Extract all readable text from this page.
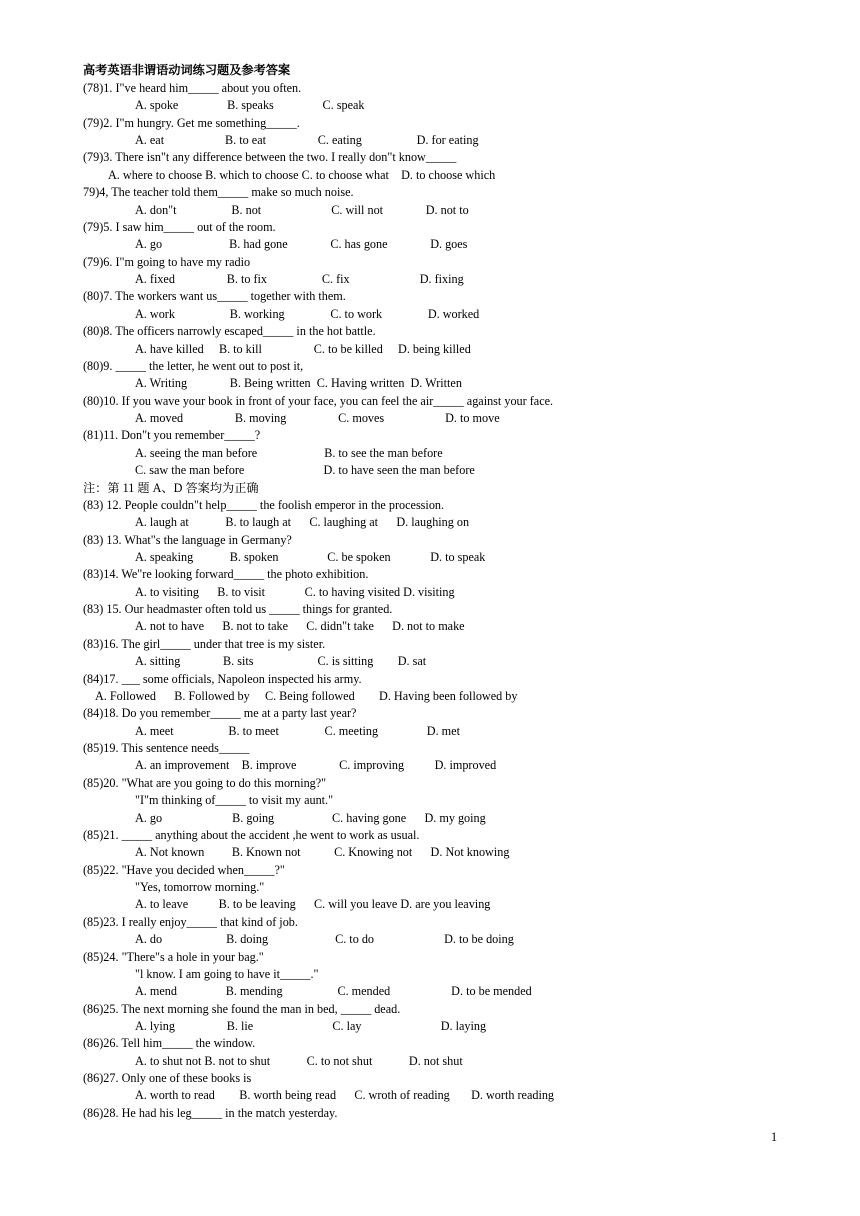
高考英语非谓语动词练习题及参考答案
(78)1. I"ve heard him_____ about you often.
A. spoke                B. speaks                C. speak
(79)2. I"m hungry. Get me something_____.
A. eat                    B. to eat                 C. eating                  D. for eating
(79)3. There isn"t any difference between the two. I really don"t know_____
A. where to choose B. which to choose C. to choose what    D. to choose which
79)4, The teacher told them_____ make so much noise.
A. don"t                  B. not                       C. will not              D. not to
(79)5. I saw him_____ out of the room.
A. go                      B. had gone              C. has gone              D. goes
(79)6. I"m going to have my radio
A. fixed                 B. to fix                  C. fix                       D. fixing
(80)7. The workers want us_____ together with them.
A. work                  B. working               C. to work               D. worked
(80)8. The officers narrowly escaped_____ in the hot battle.
A. have killed     B. to kill                 C. to be killed     D. being killed
(80)9. _____ the letter, he went out to post it,
A. Writing              B. Being written  C. Having written  D. Written
(80)10. If you wave your book in front of your face, you can feel the air_____ against your face.
A. moved                 B. moving                 C. moves                    D. to move
(81)11. Don"t you remember_____?
A. seeing the man before                      B. to see the man before
C. saw the man before                          D. to have seen the man before
注：第 11 题 A、D 答案均为正确
(83) 12. People couldn"t help_____ the foolish emperor in the procession.
A. laugh at            B. to laugh at      C. laughing at      D. laughing on
(83) 13. What"s the language in Germany?
A. speaking            B. spoken                C. be spoken             D. to speak
(83)14. We"re looking forward_____ the photo exhibition.
A. to visiting      B. to visit             C. to having visited D. visiting
(83) 15. Our headmaster often told us _____ things for granted.
A. not to have      B. not to take      C. didn"t take      D. not to make
(83)16. The girl_____ under that tree is my sister.
A. sitting              B. sits                     C. is sitting        D. sat
(84)17. ___ some officials, Napoleon inspected his army.
A. Followed      B. Followed by     C. Being followed        D. Having been followed by
(84)18. Do you remember_____ me at a party last year?
A. meet                  B. to meet               C. meeting                D. met
(85)19. This sentence needs_____
A. an improvement    B. improve              C. improving          D. improved
(85)20. "What are you going to do this morning?"
"I"m thinking of_____ to visit my aunt."
A. go                       B. going                   C. having gone      D. my going
(85)21. _____ anything about the accident ,he went to work as usual.
A. Not known         B. Known not           C. Knowing not      D. Not knowing
(85)22. "Have you decided when_____?"
"Yes, tomorrow morning."
A. to leave          B. to be leaving      C. will you leave D. are you leaving
(85)23. I really enjoy_____ that kind of job.
A. do                     B. doing                      C. to do                       D. to be doing
(85)24. "There"s a hole in your bag."
"l know. I am going to have it_____."
A. mend                B. mending                  C. mended                    D. to be mended
(86)25. The next morning she found the man in bed, _____ dead.
A. lying                 B. lie                          C. lay                          D. laying
(86)26. Tell him_____ the window.
A. to shut not B. not to shut            C. to not shut            D. not shut
(86)27. Only one of these books is
A. worth to read        B. worth being read      C. wroth of reading       D. worth reading
(86)28. He had his leg_____ in the match yesterday.
1
